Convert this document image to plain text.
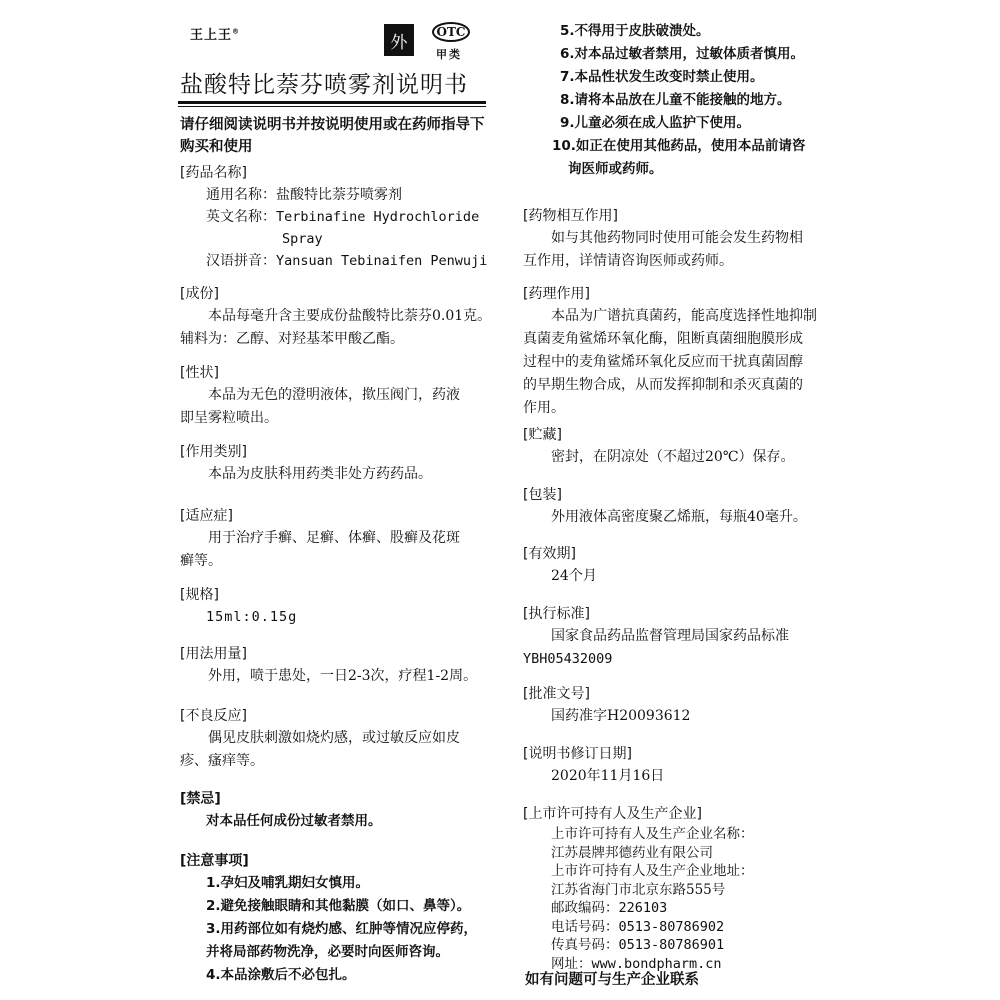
王上王®
外
OTC
甲类
盐酸特比萘芬喷雾剂说明书
请仔细阅读说明书并按说明使用或在药师指导下
购买和使用
[药品名称]
通用名称：盐酸特比萘芬喷雾剂
英文名称：Terbinafine Hydrochloride
Spray
汉语拼音：Yansuan Tebinaifen Penwuji
[成份]
本品每毫升含主要成份盐酸特比萘芬0.01克。
辅料为：乙醇、对羟基苯甲酸乙酯。
[性状]
本品为无色的澄明液体，揿压阀门，药液
即呈雾粒喷出。
[作用类别]
本品为皮肤科用药类非处方药药品。
[适应症]
用于治疗手癣、足癣、体癣、股癣及花斑
癣等。
[规格]
15ml:0.15g
[用法用量]
外用，喷于患处，一日2-3次，疗程1-2周。
[不良反应]
偶见皮肤刺激如烧灼感，或过敏反应如皮
疹、瘙痒等。
[禁忌]
对本品任何成份过敏者禁用。
[注意事项]
1.孕妇及哺乳期妇女慎用。
2.避免接触眼睛和其他黏膜（如口、鼻等）。
3.用药部位如有烧灼感、红肿等情况应停药，
并将局部药物洗净，必要时向医师咨询。
4.本品涂敷后不必包扎。
5.不得用于皮肤破溃处。
6.对本品过敏者禁用，过敏体质者慎用。
7.本品性状发生改变时禁止使用。
8.请将本品放在儿童不能接触的地方。
9.儿童必须在成人监护下使用。
10.如正在使用其他药品，使用本品前请咨
询医师或药师。
[药物相互作用]
如与其他药物同时使用可能会发生药物相
互作用，详情请咨询医师或药师。
[药理作用]
本品为广谱抗真菌药，能高度选择性地抑制
真菌麦角鲨烯环氧化酶，阻断真菌细胞膜形成
过程中的麦角鲨烯环氧化反应而干扰真菌固醇
的早期生物合成，从而发挥抑制和杀灭真菌的
作用。
[贮藏]
密封，在阴凉处（不超过20℃）保存。
[包装]
外用液体高密度聚乙烯瓶，每瓶40毫升。
[有效期]
24个月
[执行标准]
国家食品药品监督管理局国家药品标准
YBH05432009
[批准文号]
国药准字H20093612
[说明书修订日期]
2020年11月16日
[上市许可持有人及生产企业]
上市许可持有人及生产企业名称：
江苏晨牌邦德药业有限公司
上市许可持有人及生产企业地址：
江苏省海门市北京东路555号
邮政编码：226103
电话号码：0513-80786902
传真号码：0513-80786901
网址：www.bondpharm.cn
如有问题可与生产企业联系
